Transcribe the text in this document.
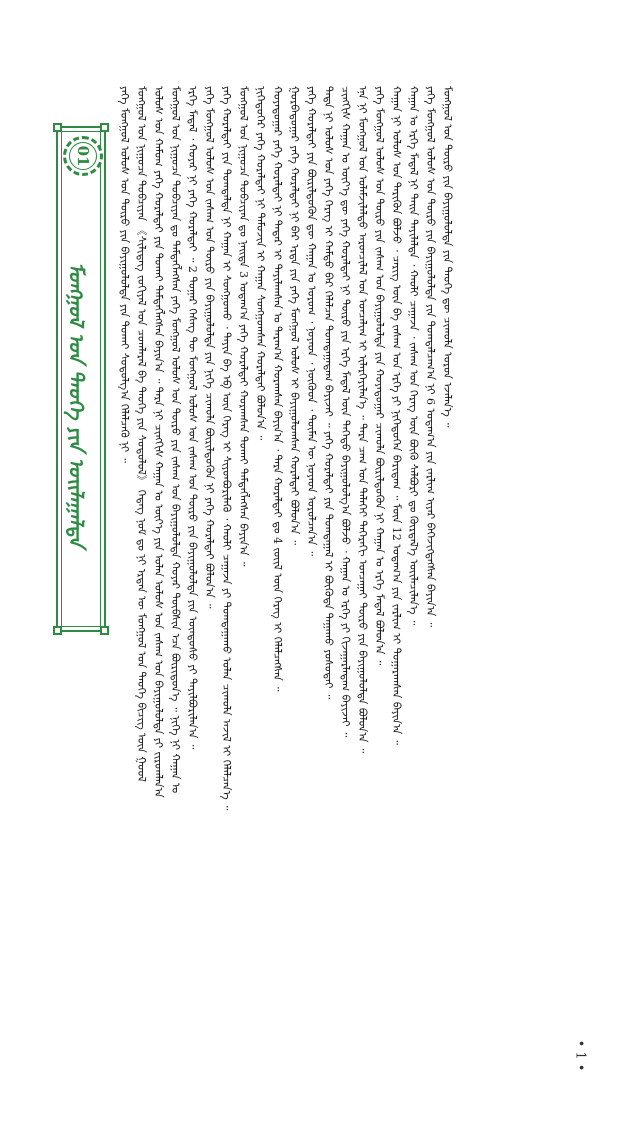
01
ᠮᠣᠩᠭᠣᠯ ᠤᠨ ᠲᠡᠦᠬᠡ ᠶᠢᠨ ᠣᠢᠯᠠᠭᠠᠯᠲᠠ	ᠶᠡᠬᠡ ᠮᠣᠩᠭᠣᠯ ᠤᠯᠤᠰ ᠤᠨ ᠲᠦᠷᠦ ᠶᠢᠨ ᠪᠠᠶᠢᠭᠤᠯᠤᠯᠲᠠ ᠶᠢᠨ ᠲᠤᠬᠠᠢ ᠰᠤᠳᠤᠯᠭ᠎ᠠ ᠬᠡᠯᠡᠯᠴᠡᠬᠦ ᠨᠢ ᠃ ᠮᠣᠩᠭᠣᠯ ᠤᠨ ᠨᠢᠭᠤᠴᠠ ᠲᠣᠪᠴᠢᠶᠠᠨ 《ᠰᠢᠯᠢᠳᠡᠭ ᠵᠣᠬᠢᠶᠠᠯ ᠤᠨ ᠴᠤᠭᠯᠠᠷᠠᠯ ᠪᠠ ᠲᠡᠦᠬᠡ ᠶᠢᠨ ᠰᠤᠳᠤᠯᠤᠯ》 ᠭᠡᠳᠡᠭ ᠨᠣᠮ ᠳᠤ ᠨᠢ ᠡᠷᠲᠡᠨ ᠦ ᠮᠣᠩᠭᠣᠯ ᠤᠨ ᠲᠡᠦᠬᠡ ᠪᠢᠴᠢᠭ ᠦᠨ ᠭᠣᠣᠯ ᠤᠯᠤᠰ ᠤᠨ ᠬᠠᠮᠤᠭ ᠶᠡᠬᠡ ᠬᠤᠷᠠᠯᠳᠠᠢ ᠶᠢᠨ ᠲᠤᠬᠠᠢ ᠲᠡᠮᠳᠡᠭᠯᠡᠭᠰᠡᠨ ᠪᠠᠶᠢᠨ᠎ᠠ ᠃ ᠲᠡᠷᠡ ᠨᠢ ᠴᠢᠩᠭᠢᠰ ᠬᠠᠭᠠᠨ ᠤ ᠦᠶ᠎ᠡ ᠶᠢᠨ ᠣᠯᠠᠨ ᠤᠯᠤᠰ ᠤᠨ ᠵᠠᠰᠠᠭ ᠤᠨ ᠪᠠᠶᠢᠭᠤᠯᠤᠯᠲᠠ ᠶᠢ ᠵᠢᠷᠤᠭᠯᠠᠨ᠎ᠠ ᠮᠣᠩᠭᠣᠯ ᠤᠨ ᠨᠢᠭᠤᠴᠠ ᠲᠣᠪᠴᠢᠶᠠᠨ ᠳᠤ ᠲᠡᠮᠳᠡᠭᠯᠡᠭᠰᠡᠨ ᠶᠡᠬᠡ ᠮᠣᠩᠭᠣᠯ ᠤᠯᠤᠰ ᠤᠨ ᠲᠦᠷᠦ ᠶᠢᠨ ᠵᠠᠰᠠᠭ ᠤᠨ ᠪᠠᠶᠢᠭᠤᠯᠤᠯᠲᠠ ᠬᠣᠶᠠᠷ ᠲᠦᠪᠰᠢᠨ ᠡᠴᠡ ᠪᠦᠷᠢᠳᠦᠨ᠎ᠡ ᠃ ᠨᠢᠭᠡ ᠨᠢ ᠬᠠᠭᠠᠨ ᠤ ᠡᠷᠬᠡ ᠮᠡᠳᠡᠯ ᠂ ᠬᠣᠶᠠᠷ ᠨᠢ ᠶᠡᠬᠡ ᠬᠤᠷᠠᠯᠳᠠᠢ ᠃ 2 ᠳᠤᠭᠠᠷ ᠬᠡᠰᠡᠭ ᠲᠦ ᠮᠣᠩᠭᠣᠯ ᠤᠯᠤᠰ ᠤᠨ ᠵᠠᠰᠠᠭ ᠤᠨ ᠲᠦᠷᠦ ᠶᠢᠨ ᠪᠠᠶᠢᠭᠤᠯᠤᠯᠲᠠ ᠶᠢᠨ ᠦᠨᠳᠦᠰᠦ ᠶᠢ ᠲᠠᠶᠢᠯᠪᠤᠷᠢᠯᠠᠨ᠎ᠠ ᠃ ᠶᠡᠬᠡ ᠮᠣᠩᠭᠣᠯ ᠤᠯᠤᠰ ᠤᠨ ᠵᠠᠰᠠᠭ ᠤᠨ ᠲᠦᠷᠦ ᠶᠢᠨ ᠪᠠᠶᠢᠭᠤᠯᠤᠯᠲᠠ ᠶᠢᠨ ᠨᠢᠭᠡ ᠴᠢᠬᠤᠯᠠ ᠪᠦᠷᠢᠯᠳᠦᠬᠦᠨ ᠨᠢ ᠶᠡᠬᠡ ᠬᠤᠷᠠᠯᠳᠠᠢ ᠪᠣᠯᠤᠨ᠎ᠠ ᠃ ᠶᠡᠬᠡ ᠬᠤᠷᠠᠯᠳᠠᠢ ᠶᠢᠨ ᠲᠣᠭᠲᠠᠯᠲᠠ ᠨᠢ ᠬᠠᠭᠠᠨ ᠢ ᠰᠣᠩᠭᠣᠬᠤ ᠂ ᠳᠠᠶᠢᠨ ᠪᠠ ᠡᠪ ᠦᠨ ᠬᠡᠷᠡᠭ ᠢ ᠰᠢᠶᠳᠪᠦᠷᠢᠯᠡᠬᠦ ᠂ ᠬᠠᠤᠯᠢ ᠴᠠᠭᠠᠵᠠ ᠶᠢ ᠲᠣᠭᠲᠠᠭᠠᠬᠤ ᠣᠯᠠᠨ ᠴᠢᠬᠤᠯᠠ ᠠᠵᠢᠯ ᠢ ᠬᠡᠯᠡᠯᠴᠡᠨ᠎ᠡ ᠃ ᠮᠣᠩᠭᠣᠯ ᠤᠨ ᠨᠢᠭᠤᠴᠠ ᠲᠣᠪᠴᠢᠶᠠᠨ ᠳᠤ ᠨᠡᠢᠲᠡ 3 ᠤᠳᠠᠭ᠎ᠠ ᠶᠡᠬᠡ ᠬᠤᠷᠠᠯᠳᠠᠢ ᠬᠤᠷᠠᠭᠰᠠᠨ ᠲᠤᠬᠠᠢ ᠲᠡᠮᠳᠡᠭᠯᠡᠭᠰᠡᠨ ᠪᠠᠶᠢᠨ᠎ᠠ ᠃ ᠨᠢᠭᠡᠳᠦᠭᠡᠷ ᠶᠡᠬᠡ ᠬᠤᠷᠠᠯᠳᠠᠢ ᠨᠢ ᠲᠡᠮᠦᠵᠢᠨ ᠢ ᠬᠠᠭᠠᠨ ᠰᠣᠩᠭᠣᠭᠰᠠᠨ ᠬᠤᠷᠠᠯᠳᠠᠢ ᠪᠣᠯᠤᠨ᠎ᠠ ᠃ ᠬᠣᠶᠠᠳᠤᠭᠠᠷ ᠶᠡᠬᠡ ᠬᠤᠷᠠᠯᠳᠠᠢ ᠨᠢ ᠲᠠᠲᠠᠷ ᠢ ᠳᠠᠶᠢᠯᠠᠭᠰᠠᠨ ᠤ ᠳᠠᠷᠠᠭ᠎ᠠ ᠬᠤᠷᠠᠭᠰᠠᠨ ᠪᠠᠶᠢᠨ᠎ᠠ ᠂ ᠲᠡᠷᠡ ᠬᠤᠷᠠᠯᠳᠠᠢ ᠳᠤ 4 ᠵᠦᠢᠯ ᠦᠨ ᠬᠡᠷᠡᠭ ᠢ ᠬᠡᠯᠡᠯᠴᠡᠭᠰᠡᠨ ᠃ ᠭᠤᠷᠪᠠᠳᠤᠭᠠᠷ ᠶᠡᠬᠡ ᠬᠤᠷᠠᠯᠳᠠᠢ ᠨᠢ ᠪᠠᠷ ᠡᠷᠲᠡ ᠶᠢᠨ ᠶᠡᠬᠡ ᠮᠣᠩᠭᠣᠯ ᠤᠯᠤᠰ ᠢ ᠪᠠᠶᠢᠭᠤᠯᠤᠭᠰᠠᠨ ᠬᠤᠷᠠᠯᠳᠠᠢ ᠪᠣᠯᠤᠨ᠎ᠠ ᠃ ᠶᠡᠬᠡ ᠬᠤᠷᠠᠯᠳᠠᠢ ᠶᠢᠨ ᠪᠦᠷᠢᠯᠳᠦᠬᠦᠨ ᠳᠦ ᠬᠠᠭᠠᠨ ᠤ ᠤᠷᠤᠭ ᠂ ᠨᠣᠶᠠᠳ ᠂ ᠨᠥᠬᠦᠳ ᠂ ᠲᠦᠮᠡᠨ ᠦ ᠨᠣᠶᠠᠳ ᠣᠷᠣᠯᠴᠠᠨ᠎ᠠ ᠃ ᠲᠡᠳᠡ ᠨᠢ ᠤᠯᠤᠰ ᠤᠨ ᠶᠡᠬᠡ ᠬᠡᠷᠡᠭ ᠢ ᠬᠠᠮᠲᠤ ᠪᠠᠷ ᠬᠡᠯᠡᠯᠴᠡᠨ ᠲᠣᠭᠲᠠᠭᠠᠳᠠᠭ ᠪᠠᠶᠢᠵᠠᠢ ᠃ ᠶᠡᠬᠡ ᠬᠤᠷᠠᠯᠳᠠᠢ ᠶᠢᠨ ᠲᠣᠭᠲᠠᠭᠠᠯ ᠢ ᠪᠦᠭᠦᠳᠡ ᠳᠠᠭᠠᠬᠤ ᠶᠣᠰᠤᠲᠠᠢ ᠃ ᠴᠢᠩᠭᠢᠰ ᠬᠠᠭᠠᠨ ᠤ ᠦᠶ᠎ᠡ ᠳᠦ ᠶᠡᠬᠡ ᠬᠤᠷᠠᠯᠳᠠᠢ ᠨᠢ ᠲᠦᠷᠦ ᠶᠢᠨ ᠡᠷᠬᠡ ᠮᠡᠳᠡᠯ ᠦᠨ ᠳᠡᠭᠡᠳᠦ ᠪᠠᠶᠢᠭᠤᠯᠤᠯᠭ᠎ᠠ ᠪᠣᠯᠵᠤ ᠂ ᠬᠠᠭᠠᠨ ᠤ ᠡᠷᠬᠡ ᠶᠢ ᠬᠢᠵᠠᠭᠠᠷᠯᠠᠳᠠᠭ ᠪᠠᠶᠢᠵᠠᠢ ᠃ ᠡᠨᠡ ᠨᠢ ᠮᠣᠩᠭᠣᠯ ᠤᠨ ᠤᠯᠠᠮᠵᠢᠯᠠᠯᠲᠤ ᠠᠷᠳᠴᠢᠯᠠᠯ ᠤᠨ ᠣᠨᠴᠠᠯᠢᠭ ᠢ ᠢᠯᠡᠷᠬᠡᠶᠢᠯᠡᠨ᠎ᠡ ᠃ ᠲᠡᠷᠡ ᠴᠠᠭ ᠤᠨ ᠳᠡᠯᠡᠬᠡᠢ ᠳᠡᠭᠡᠷᠡᠬᠢ ᠣᠨᠴᠠᠭᠠᠢ ᠲᠦᠷᠦ ᠶᠢᠨ ᠪᠠᠶᠢᠭᠤᠯᠤᠯᠲᠠ ᠪᠣᠯᠤᠨ᠎ᠠ ᠃ ᠶᠡᠬᠡ ᠮᠣᠩᠭᠣᠯ ᠤᠯᠤᠰ ᠤᠨ ᠲᠦᠷᠦ ᠶᠢᠨ ᠵᠠᠰᠠᠭ ᠤᠨ ᠪᠠᠶᠢᠭᠤᠯᠤᠯᠲᠠ ᠶᠢᠨ ᠬᠣᠶᠠᠳᠤᠭᠠᠷ ᠴᠢᠬᠤᠯᠠ ᠪᠦᠷᠢᠯᠳᠦᠬᠦᠨ ᠨᠢ ᠬᠠᠭᠠᠨ ᠤ ᠡᠷᠬᠡ ᠮᠡᠳᠡᠯ ᠪᠣᠯᠤᠨ᠎ᠠ ᠃ ᠬᠠᠭᠠᠨ ᠨᠢ ᠤᠯᠤᠰ ᠤᠨ ᠲᠡᠷᠢᠭᠦᠨ ᠪᠣᠯᠵᠤ ᠂ ᠴᠡᠷᠢᠭ ᠦᠨ ᠪᠠ ᠵᠠᠰᠠᠭ ᠤᠨ ᠡᠷᠬᠡ ᠶᠢ ᠨᠢᠭᠡᠳᠦᠭᠡᠨ ᠪᠠᠷᠢᠳᠠᠭ ᠃ ᠮᠥᠨ 12 ᠤᠳᠠᠭ᠎ᠠ ᠶᠢᠨ ᠵᠠᠷᠯᠢᠭ ᠢ ᠲᠤᠭᠠᠷᠠᠭᠰᠠᠨ ᠪᠠᠶᠢᠨ᠎ᠠ ᠃ ᠬᠠᠭᠠᠨ ᠤ ᠡᠷᠬᠡ ᠮᠡᠳᠡᠯ ᠨᠢ ᠳᠠᠢᠨ ᠳᠠᠶᠢᠯᠠᠯᠲᠠ ᠂ ᠬᠠᠤᠯᠢ ᠴᠠᠭᠠᠵᠠ ᠂ ᠵᠠᠰᠠᠭ ᠤᠨ ᠬᠡᠷᠡᠭ ᠦᠨ ᠪᠦᠬᠦ ᠰᠠᠯᠪᠤᠷᠢ ᠳᠤ ᠬᠦᠷᠲᠡᠯ᠎ᠡ ᠦᠢᠯᠡᠴᠢᠯᠡᠨ᠎ᠡ ᠃ ᠶᠡᠬᠡ ᠮᠣᠩᠭᠣᠯ ᠤᠯᠤᠰ ᠤᠨ ᠲᠦᠷᠦ ᠶᠢᠨ ᠪᠠᠶᠢᠭᠤᠯᠤᠯᠲᠠ ᠶᠢᠨ ᠲᠣᠭᠲᠠᠯᠴᠠᠭ᠎ᠠ ᠨᠢ 6 ᠤᠳᠠᠭ᠎ᠠ ᠶᠢᠨ ᠵᠠᠷᠯᠢᠭ ᠢᠶᠠᠷ ᠪᠡᠬᠡᠵᠢᠭᠳᠡᠭᠰᠡᠨ ᠪᠠᠶᠢᠨ᠎ᠠ ᠃ ᠮᠣᠩᠭᠣᠯ ᠤᠨ ᠲᠦᠷᠦ ᠶᠢᠨ ᠪᠠᠶᠢᠭᠤᠯᠤᠯᠲᠠ ᠶᠢᠨ ᠲᠡᠦᠬᠡ ᠳᠦ ᠴᠢᠬᠤᠯᠠ ᠣᠷᠣᠨ ᠡᠵᠡᠯᠡᠨ᠎ᠡ ᠃
• 1 •
